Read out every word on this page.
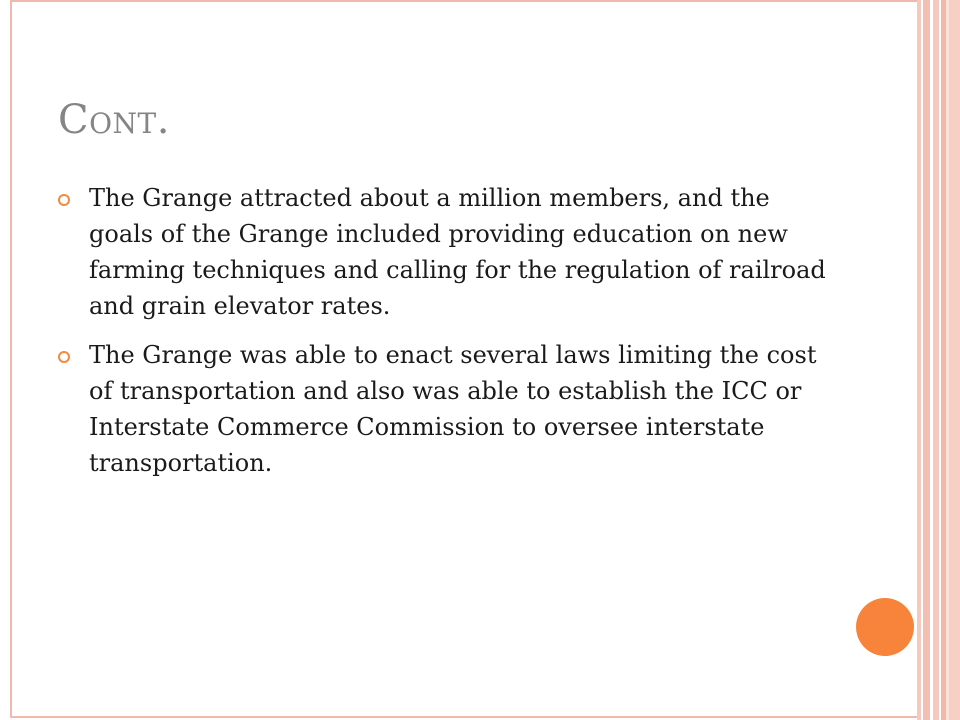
Cont.
The Grange attracted about a million members, and the goals of the Grange included providing education on new farming techniques and calling for the regulation of railroad and grain elevator rates.
The Grange was able to enact several laws limiting the cost of transportation and also was able to establish the ICC or Interstate Commerce Commission to oversee interstate transportation.
